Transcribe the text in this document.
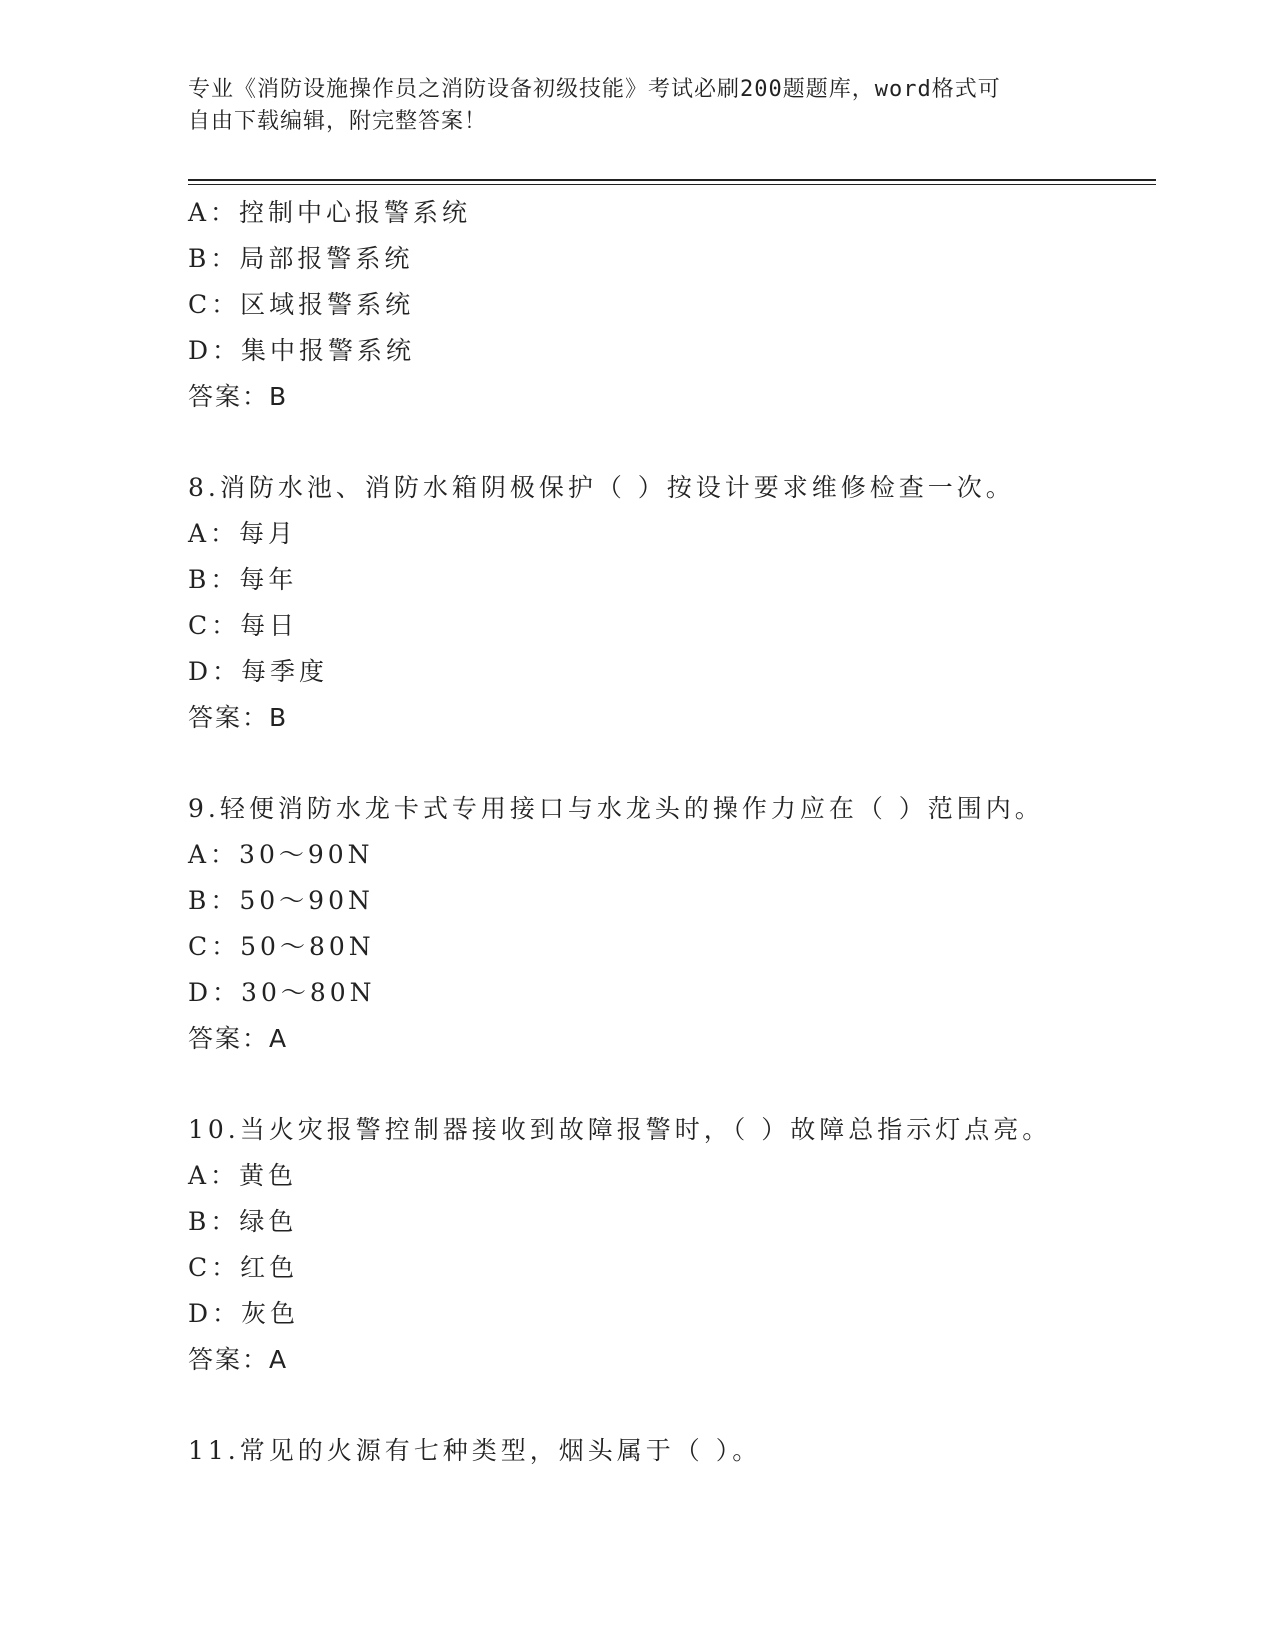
专业《消防设施操作员之消防设备初级技能》考试必刷200题题库，word格式可
自由下载编辑，附完整答案！
A：控制中心报警系统
B：局部报警系统
C：区域报警系统
D：集中报警系统
答案：B
8.消防水池、消防水箱阴极保护（ ）按设计要求维修检查一次。
A：每月
B：每年
C：每日
D：每季度
答案：B
9.轻便消防水龙卡式专用接口与水龙头的操作力应在（ ）范围内。
A：30～90N
B：50～90N
C：50～80N
D：30～80N
答案：A
10.当火灾报警控制器接收到故障报警时，（ ）故障总指示灯点亮。
A：黄色
B：绿色
C：红色
D：灰色
答案：A
11.常见的火源有七种类型，烟头属于（ ）。
